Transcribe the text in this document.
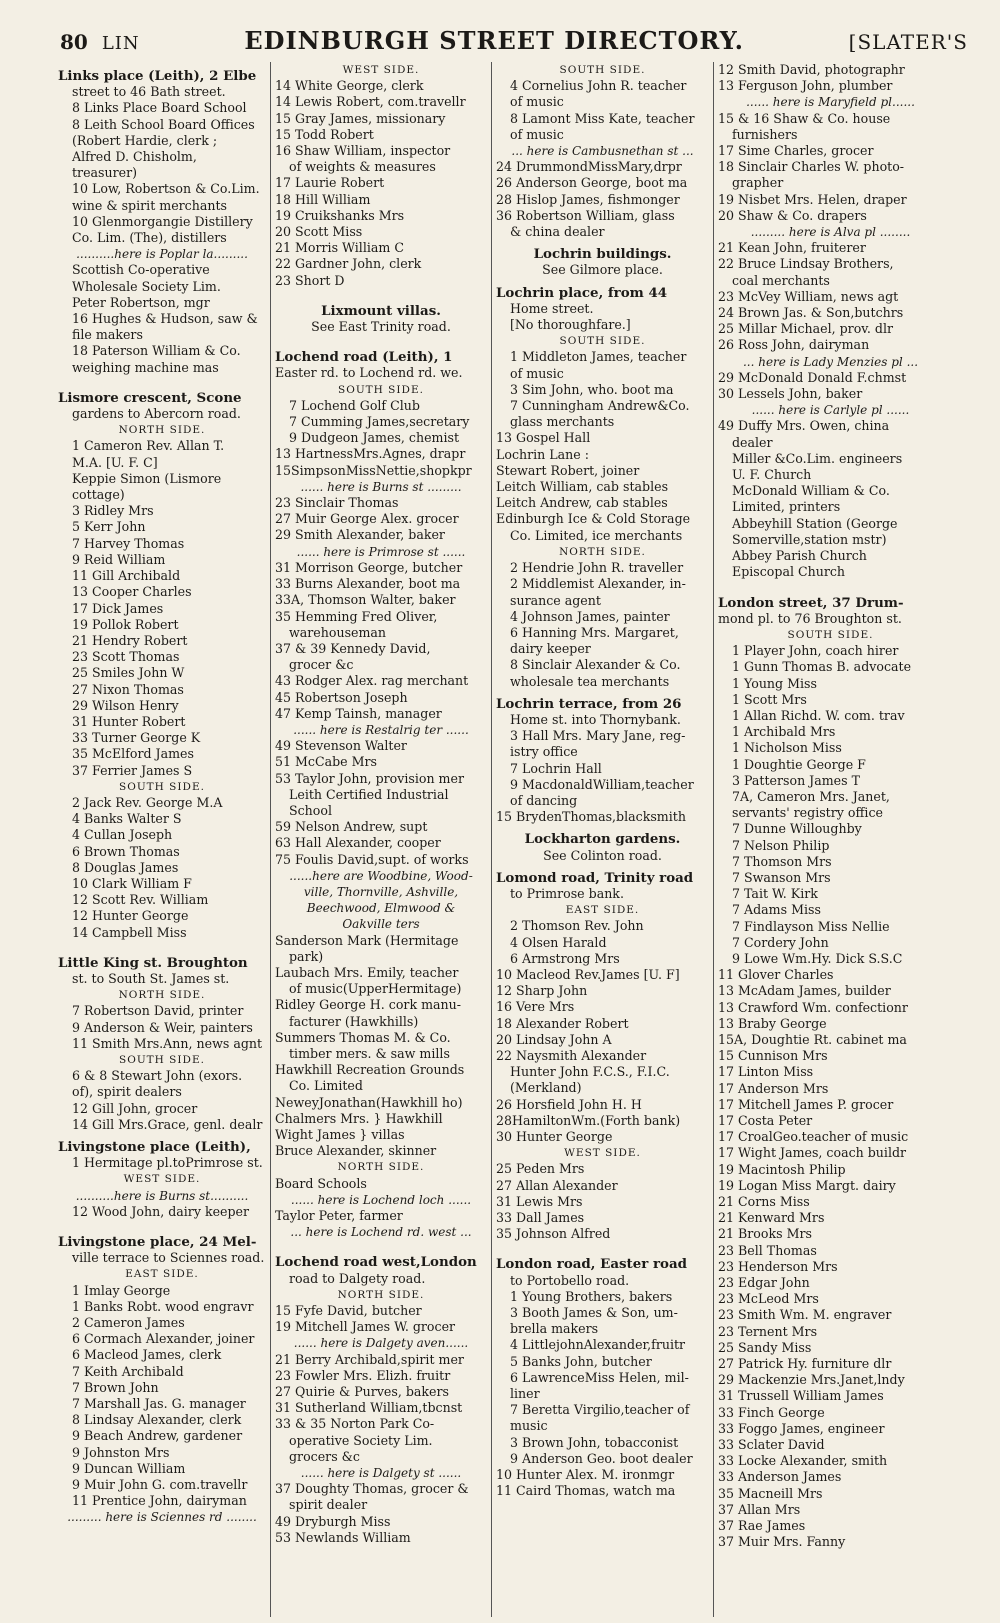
80 LIN	EDINBURGH STREET DIRECTORY.	[SLATER'S
Links place (Leith), 2 Elbe
street to 46 Bath street.
8 Links Place Board School
8 Leith School Board Offices
(Robert Hardie, clerk ;
Alfred D. Chisholm,
treasurer)
10 Low, Robertson & Co.Lim.
wine & spirit merchants
10 Glenmorgangie Distillery
Co. Lim. (The), distillers
..........here is Poplar la.........
Scottish Co-operative
Wholesale Society Lim.
Peter Robertson, mgr
16 Hughes & Hudson, saw &
file makers
18 Paterson William & Co.
weighing machine mas
Lismore crescent, Scone
gardens to Abercorn road.
NORTH SIDE.
1 Cameron Rev. Allan T.
M.A. [U. F. C]
Keppie Simon (Lismore
cottage)
3 Ridley Mrs
5 Kerr John
7 Harvey Thomas
9 Reid William
11 Gill Archibald
13 Cooper Charles
17 Dick James
19 Pollok Robert
21 Hendry Robert
23 Scott Thomas
25 Smiles John W
27 Nixon Thomas
29 Wilson Henry
31 Hunter Robert
33 Turner George K
35 McElford James
37 Ferrier James S
SOUTH SIDE.
2 Jack Rev. George M.A
4 Banks Walter S
4 Cullan Joseph
6 Brown Thomas
8 Douglas James
10 Clark William F
12 Scott Rev. William
12 Hunter George
14 Campbell Miss
Little King st. Broughton
st. to South St. James st.
NORTH SIDE.
7 Robertson David, printer
9 Anderson & Weir, painters
11 Smith Mrs.Ann, news agnt
SOUTH SIDE.
6 & 8 Stewart John (exors.
of), spirit dealers
12 Gill John, grocer
14 Gill Mrs.Grace, genl. dealr
Livingstone place (Leith),
1 Hermitage pl.toPrimrose st.
WEST SIDE.
..........here is Burns st..........
12 Wood John, dairy keeper
Livingstone place, 24 Mel-
ville terrace to Sciennes road.
EAST SIDE.
1 Imlay George
1 Banks Robt. wood engravr
2 Cameron James
6 Cormach Alexander, joiner
6 Macleod James, clerk
7 Keith Archibald
7 Brown John
7 Marshall Jas. G. manager
8 Lindsay Alexander, clerk
9 Beach Andrew, gardener
9 Johnston Mrs
9 Duncan William
9 Muir John G. com.travellr
11 Prentice John, dairyman
......... here is Sciennes rd ........
WEST SIDE.
14 White George, clerk
14 Lewis Robert, com.travellr
15 Gray James, missionary
15 Todd Robert
16 Shaw William, inspector
of weights & measures
17 Laurie Robert
18 Hill William
19 Cruikshanks Mrs
20 Scott Miss
21 Morris William C
22 Gardner John, clerk
23 Short D
Lixmount villas.
See East Trinity road.
Lochend road (Leith), 1
Easter rd. to Lochend rd. we.
SOUTH SIDE.
7 Lochend Golf Club
7 Cumming James,secretary
9 Dudgeon James, chemist
13 HartnessMrs.Agnes, drapr
15SimpsonMissNettie,shopkpr
...... here is Burns st .........
23 Sinclair Thomas
27 Muir George Alex. grocer
29 Smith Alexander, baker
...... here is Primrose st ......
31 Morrison George, butcher
33 Burns Alexander, boot ma
33A, Thomson Walter, baker
35 Hemming Fred Oliver,
warehouseman
37 & 39 Kennedy David,
grocer &c
43 Rodger Alex. rag merchant
45 Robertson Joseph
47 Kemp Tainsh, manager
...... here is Restalrig ter ......
49 Stevenson Walter
51 McCabe Mrs
53 Taylor John, provision mer
Leith Certified Industrial
School
59 Nelson Andrew, supt
63 Hall Alexander, cooper
75 Foulis David,supt. of works
......here are Woodbine, Wood-
ville, Thornville, Ashville,
Beechwood, Elmwood &
Oakville ters
Sanderson Mark (Hermitage
park)
Laubach Mrs. Emily, teacher
of music(UpperHermitage)
Ridley George H. cork manu-
facturer (Hawkhills)
Summers Thomas M. & Co.
timber mers. & saw mills
Hawkhill Recreation Grounds
Co. Limited
NeweyJonathan(Hawkhill ho)
Chalmers Mrs. } Hawkhill
Wight James } villas
Bruce Alexander, skinner
NORTH SIDE.
Board Schools
...... here is Lochend loch ......
Taylor Peter, farmer
... here is Lochend rd. west ...
Lochend road west,London
road to Dalgety road.
NORTH SIDE.
15 Fyfe David, butcher
19 Mitchell James W. grocer
...... here is Dalgety aven......
21 Berry Archibald,spirit mer
23 Fowler Mrs. Elizh. fruitr
27 Quirie & Purves, bakers
31 Sutherland William,tbcnst
33 & 35 Norton Park Co-
operative Society Lim.
grocers &c
...... here is Dalgety st ......
37 Doughty Thomas, grocer &
spirit dealer
49 Dryburgh Miss
53 Newlands William
SOUTH SIDE.
4 Cornelius John R. teacher
of music
8 Lamont Miss Kate, teacher
of music
... here is Cambusnethan st ...
24 DrummondMissMary,drpr
26 Anderson George, boot ma
28 Hislop James, fishmonger
36 Robertson William, glass
& china dealer
Lochrin buildings.
See Gilmore place.
Lochrin place, from 44
Home street.
[No thoroughfare.]
SOUTH SIDE.
1 Middleton James, teacher
of music
3 Sim John, who. boot ma
7 Cunningham Andrew&Co.
glass merchants
13 Gospel Hall
Lochrin Lane :
Stewart Robert, joiner
Leitch William, cab stables
Leitch Andrew, cab stables
Edinburgh Ice & Cold Storage
Co. Limited, ice merchants
NORTH SIDE.
2 Hendrie John R. traveller
2 Middlemist Alexander, in-
surance agent
4 Johnson James, painter
6 Hanning Mrs. Margaret,
dairy keeper
8 Sinclair Alexander & Co.
wholesale tea merchants
Lochrin terrace, from 26
Home st. into Thornybank.
3 Hall Mrs. Mary Jane, reg-
istry office
7 Lochrin Hall
9 MacdonaldWilliam,teacher
of dancing
15 BrydenThomas,blacksmith
Lockharton gardens.
See Colinton road.
Lomond road, Trinity road
to Primrose bank.
EAST SIDE.
2 Thomson Rev. John
4 Olsen Harald
6 Armstrong Mrs
10 Macleod Rev.James [U. F]
12 Sharp John
16 Vere Mrs
18 Alexander Robert
20 Lindsay John A
22 Naysmith Alexander
Hunter John F.C.S., F.I.C.
(Merkland)
26 Horsfield John H. H
28HamiltonWm.(Forth bank)
30 Hunter George
WEST SIDE.
25 Peden Mrs
27 Allan Alexander
31 Lewis Mrs
33 Dall James
35 Johnson Alfred
London road, Easter road
to Portobello road.
1 Young Brothers, bakers
3 Booth James & Son, um-
brella makers
4 LittlejohnAlexander,fruitr
5 Banks John, butcher
6 LawrenceMiss Helen, mil-
liner
7 Beretta Virgilio,teacher of
music
3 Brown John, tobacconist
9 Anderson Geo. boot dealer
10 Hunter Alex. M. ironmgr
11 Caird Thomas, watch ma
12 Smith David, photographr
13 Ferguson John, plumber
...... here is Maryfield pl......
15 & 16 Shaw & Co. house
furnishers
17 Sime Charles, grocer
18 Sinclair Charles W. photo-
grapher
19 Nisbet Mrs. Helen, draper
20 Shaw & Co. drapers
......... here is Alva pl ........
21 Kean John, fruiterer
22 Bruce Lindsay Brothers,
coal merchants
23 McVey William, news agt
24 Brown Jas. & Son,butchrs
25 Millar Michael, prov. dlr
26 Ross John, dairyman
... here is Lady Menzies pl ...
29 McDonald Donald F.chmst
30 Lessels John, baker
...... here is Carlyle pl ......
49 Duffy Mrs. Owen, china
dealer
Miller &Co.Lim. engineers
U. F. Church
McDonald William & Co.
Limited, printers
Abbeyhill Station (George
Somerville,station mstr)
Abbey Parish Church
Episcopal Church
London street, 37 Drum-
mond pl. to 76 Broughton st.
SOUTH SIDE.
1 Player John, coach hirer
1 Gunn Thomas B. advocate
1 Young Miss
1 Scott Mrs
1 Allan Richd. W. com. trav
1 Archibald Mrs
1 Nicholson Miss
1 Doughtie George F
3 Patterson James T
7A, Cameron Mrs. Janet,
servants' registry office
7 Dunne Willoughby
7 Nelson Philip
7 Thomson Mrs
7 Swanson Mrs
7 Tait W. Kirk
7 Adams Miss
7 Findlayson Miss Nellie
7 Cordery John
9 Lowe Wm.Hy. Dick S.S.C
11 Glover Charles
13 McAdam James, builder
13 Crawford Wm. confectionr
13 Braby George
15A, Doughtie Rt. cabinet ma
15 Cunnison Mrs
17 Linton Miss
17 Anderson Mrs
17 Mitchell James P. grocer
17 Costa Peter
17 CroalGeo.teacher of music
17 Wight James, coach buildr
19 Macintosh Philip
19 Logan Miss Margt. dairy
21 Corns Miss
21 Kenward Mrs
21 Brooks Mrs
23 Bell Thomas
23 Henderson Mrs
23 Edgar John
23 McLeod Mrs
23 Smith Wm. M. engraver
23 Ternent Mrs
25 Sandy Miss
27 Patrick Hy. furniture dlr
29 Mackenzie Mrs.Janet,lndy
31 Trussell William James
33 Finch George
33 Foggo James, engineer
33 Sclater David
33 Locke Alexander, smith
33 Anderson James
35 Macneill Mrs
37 Allan Mrs
37 Rae James
37 Muir Mrs. Fanny
